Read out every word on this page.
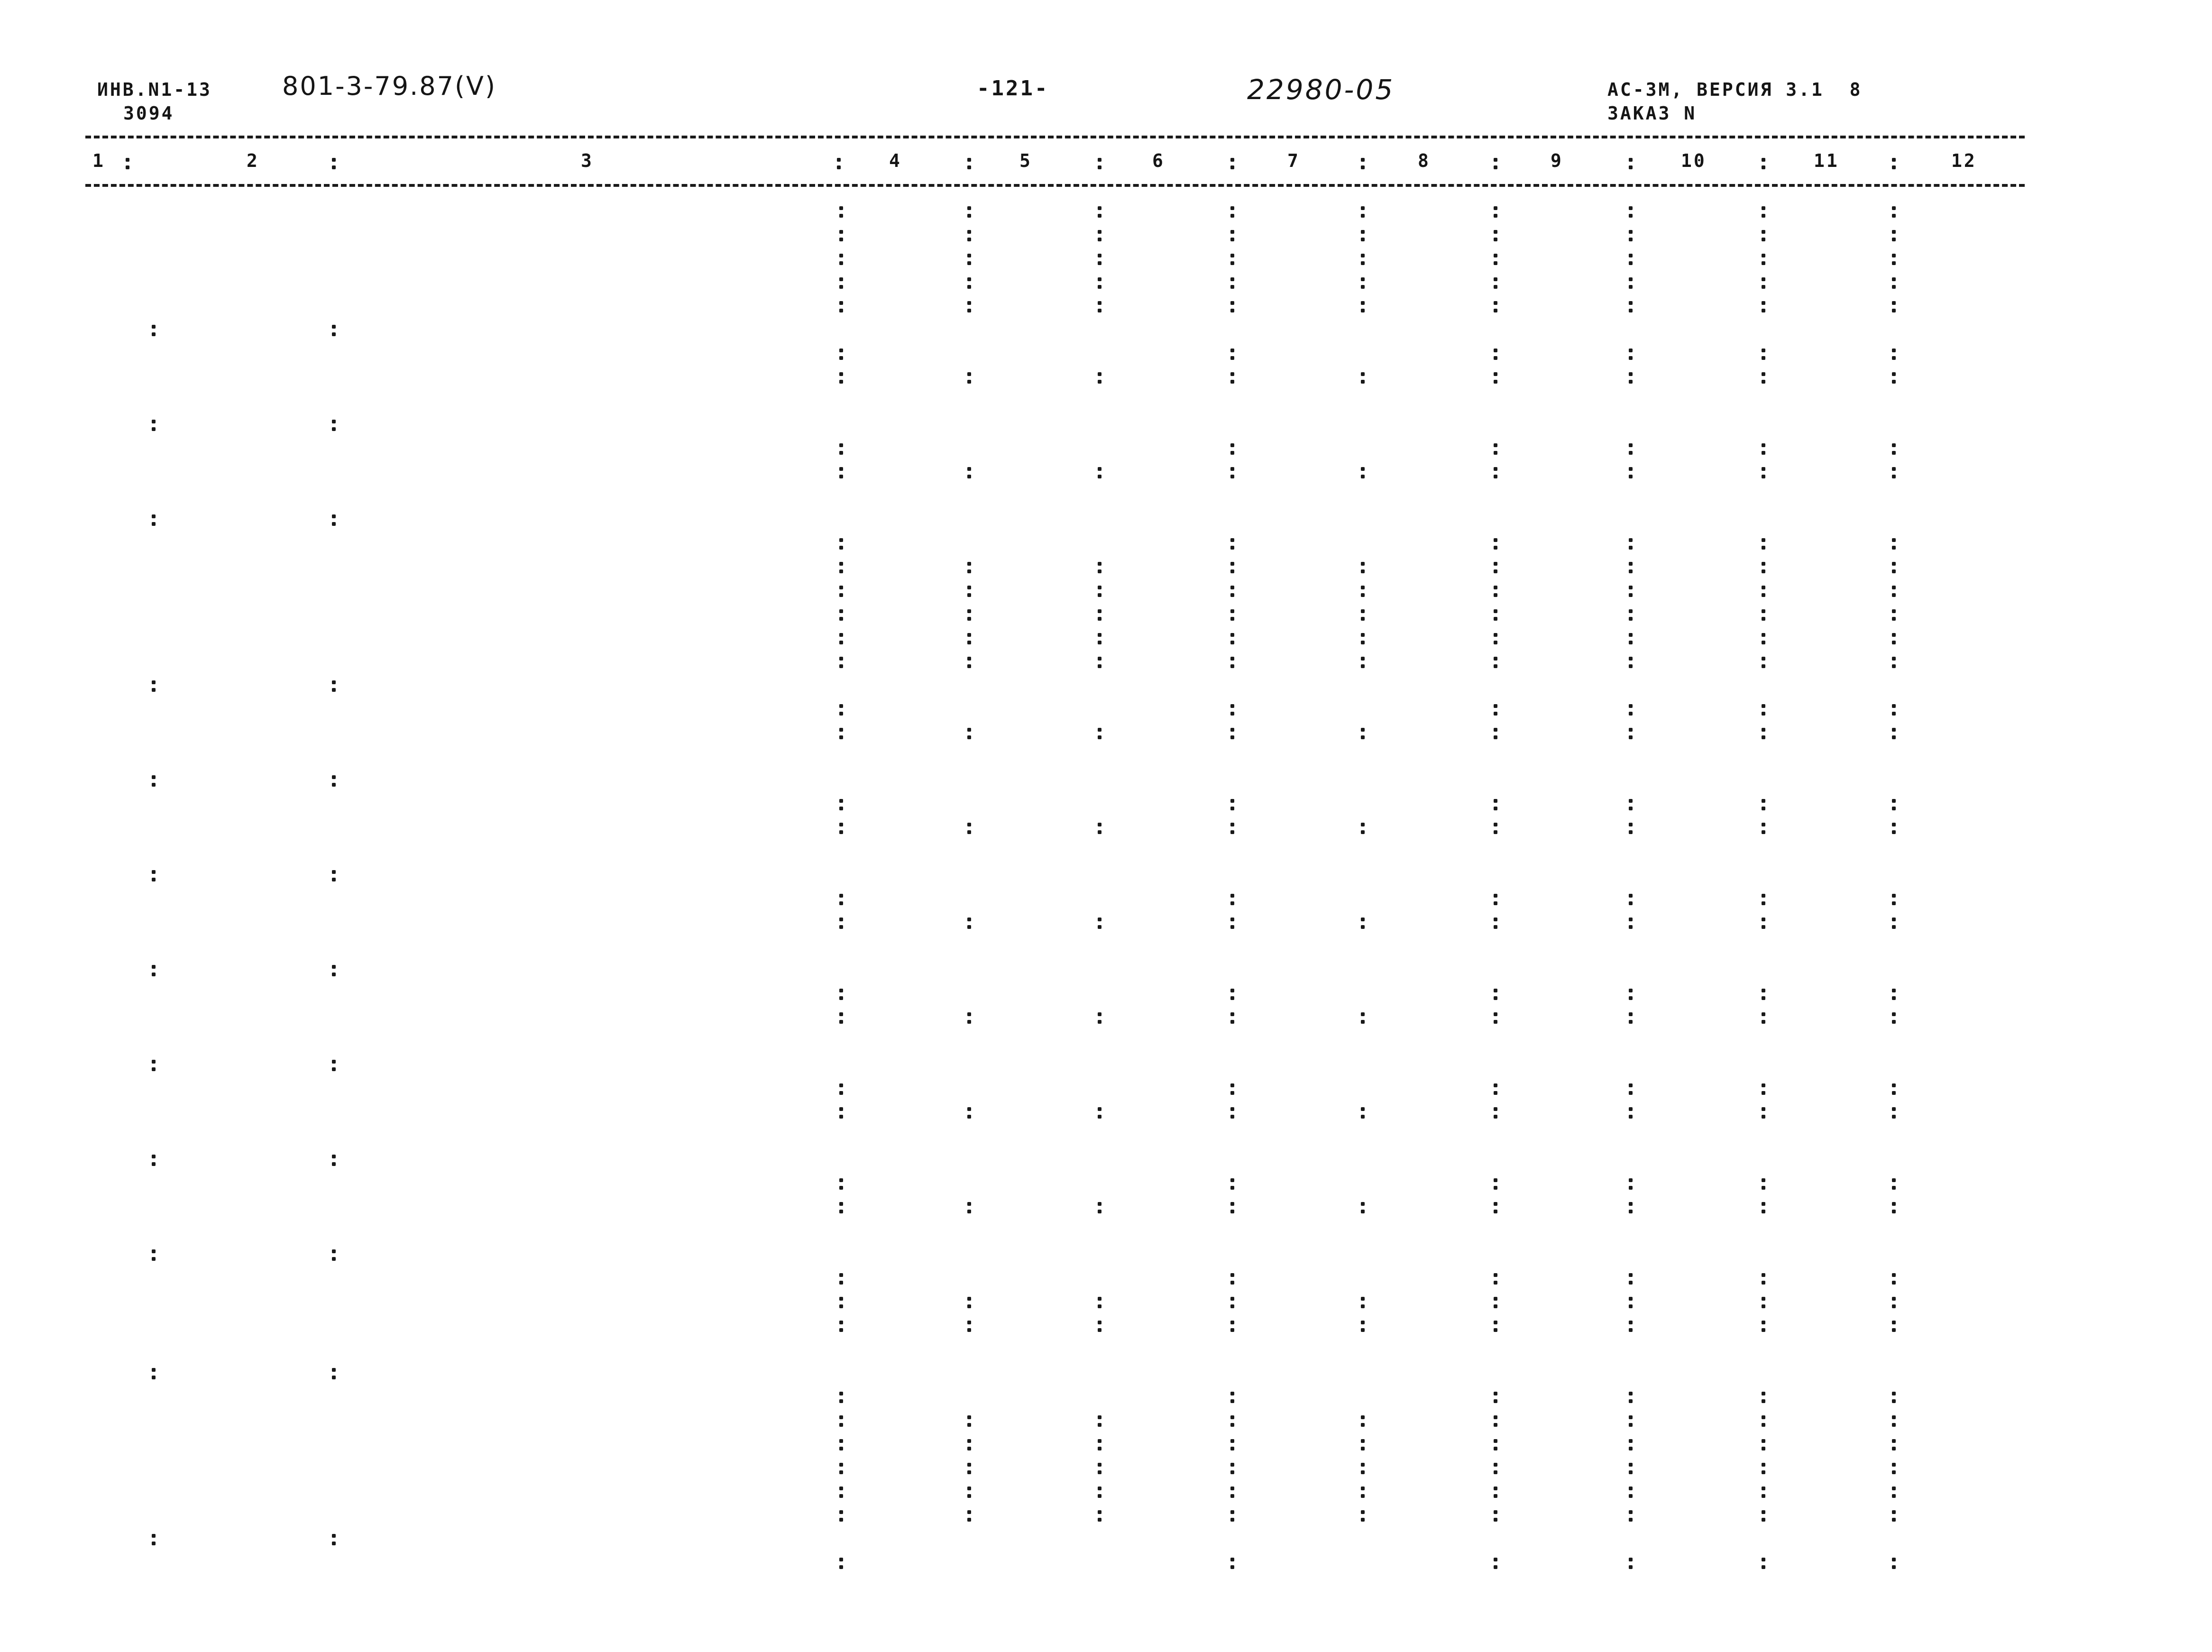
ИНВ.N1-13
3094
801-3-79.87(V)	-121-	22980-05	АС-3М, ВЕРСИЯ 3.1  8
ЗАКАЗ N
1	2	3	4	5	6	7	8	9	10	11	12
